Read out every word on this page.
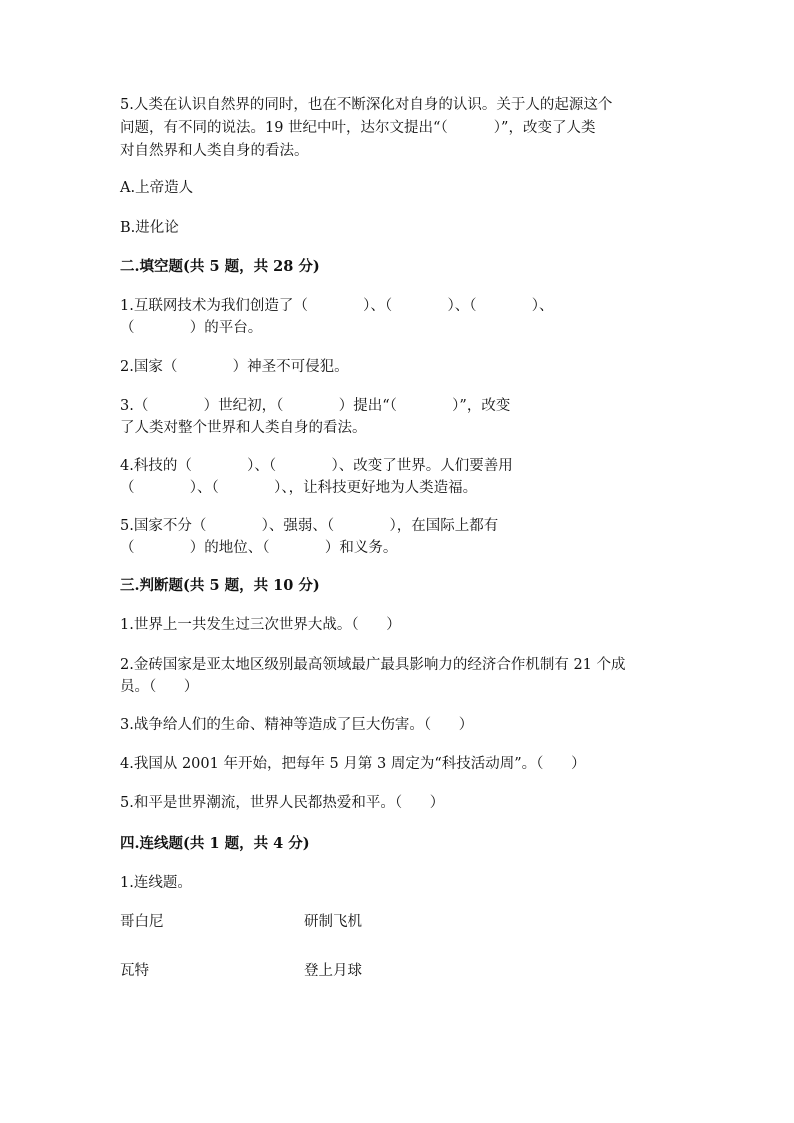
5.人类在认识自然界的同时，也在不断深化对自身的认识。关于人的起源这个
问题，有不同的说法。19 世纪中叶，达尔文提出“（          ）”，改变了人类
对自然界和人类自身的看法。
A.上帝造人
B.进化论
二.填空题(共 5 题，共 28 分)
1.互联网技术为我们创造了（            ）、（            ）、（            ）、
（            ）的平台。
2.国家（            ）神圣不可侵犯。
3.（            ）世纪初，（            ）提出“（            ）”，改变
了人类对整个世界和人类自身的看法。
4.科技的（            ）、（            ）、改变了世界。人们要善用
（            ）、（            ）、，让科技更好地为人类造福。
5.国家不分（            ）、强弱、（            ），在国际上都有
（            ）的地位、（            ）和义务。
三.判断题(共 5 题，共 10 分)
1.世界上一共发生过三次世界大战。（      ）
2.金砖国家是亚太地区级别最高领域最广最具影响力的经济合作机制有 21 个成
员。（      ）
3.战争给人们的生命、精神等造成了巨大伤害。（      ）
4.我国从 2001 年开始，把每年 5 月第 3 周定为“科技活动周”。（      ）
5.和平是世界潮流，世界人民都热爱和平。（      ）
四.连线题(共 1 题，共 4 分)
1.连线题。
哥白尼	研制飞机
瓦特	登上月球
